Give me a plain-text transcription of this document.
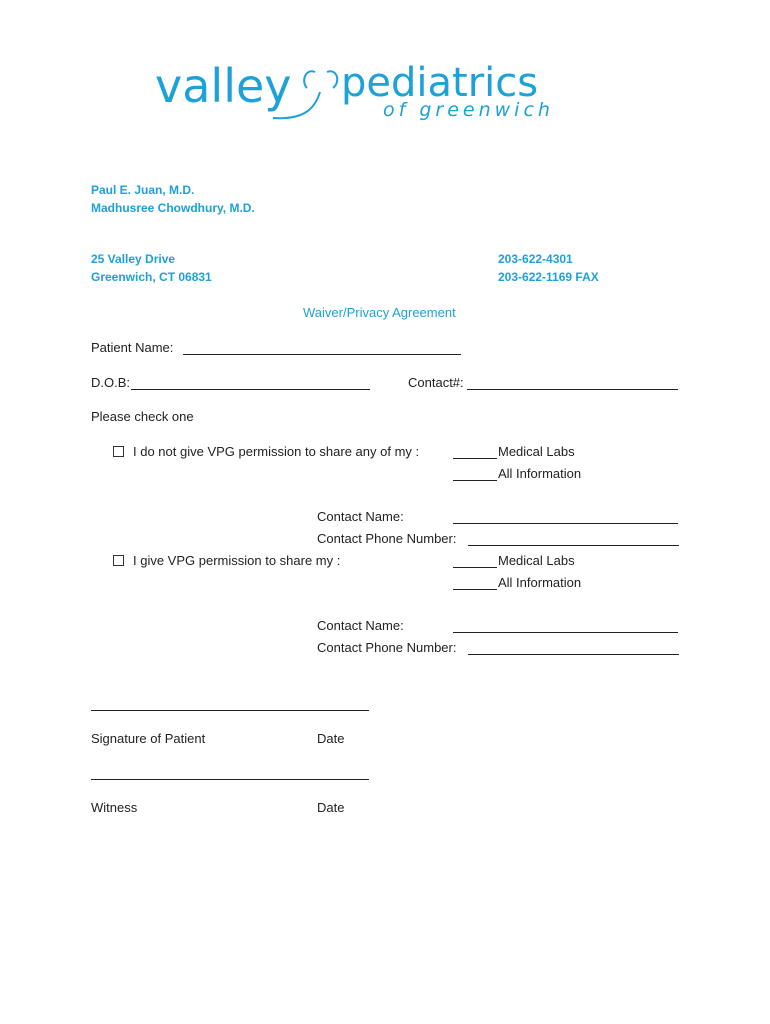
valley pediatrics
of greenwich
Paul E. Juan, M.D.
Madhusree Chowdhury, M.D.
25 Valley Drive
Greenwich, CT 06831
203-622-4301
203-622-1169 FAX
Waiver/Privacy Agreement
Patient Name:
D.O.B:	Contact#:
Please check one
I do not give VPG permission to share any of my :	Medical Labs
All Information
Contact Name:
Contact Phone Number:
I give VPG permission to share my :	Medical Labs
All Information
Contact Name:
Contact Phone Number:
Signature of Patient	Date
Witness	Date
